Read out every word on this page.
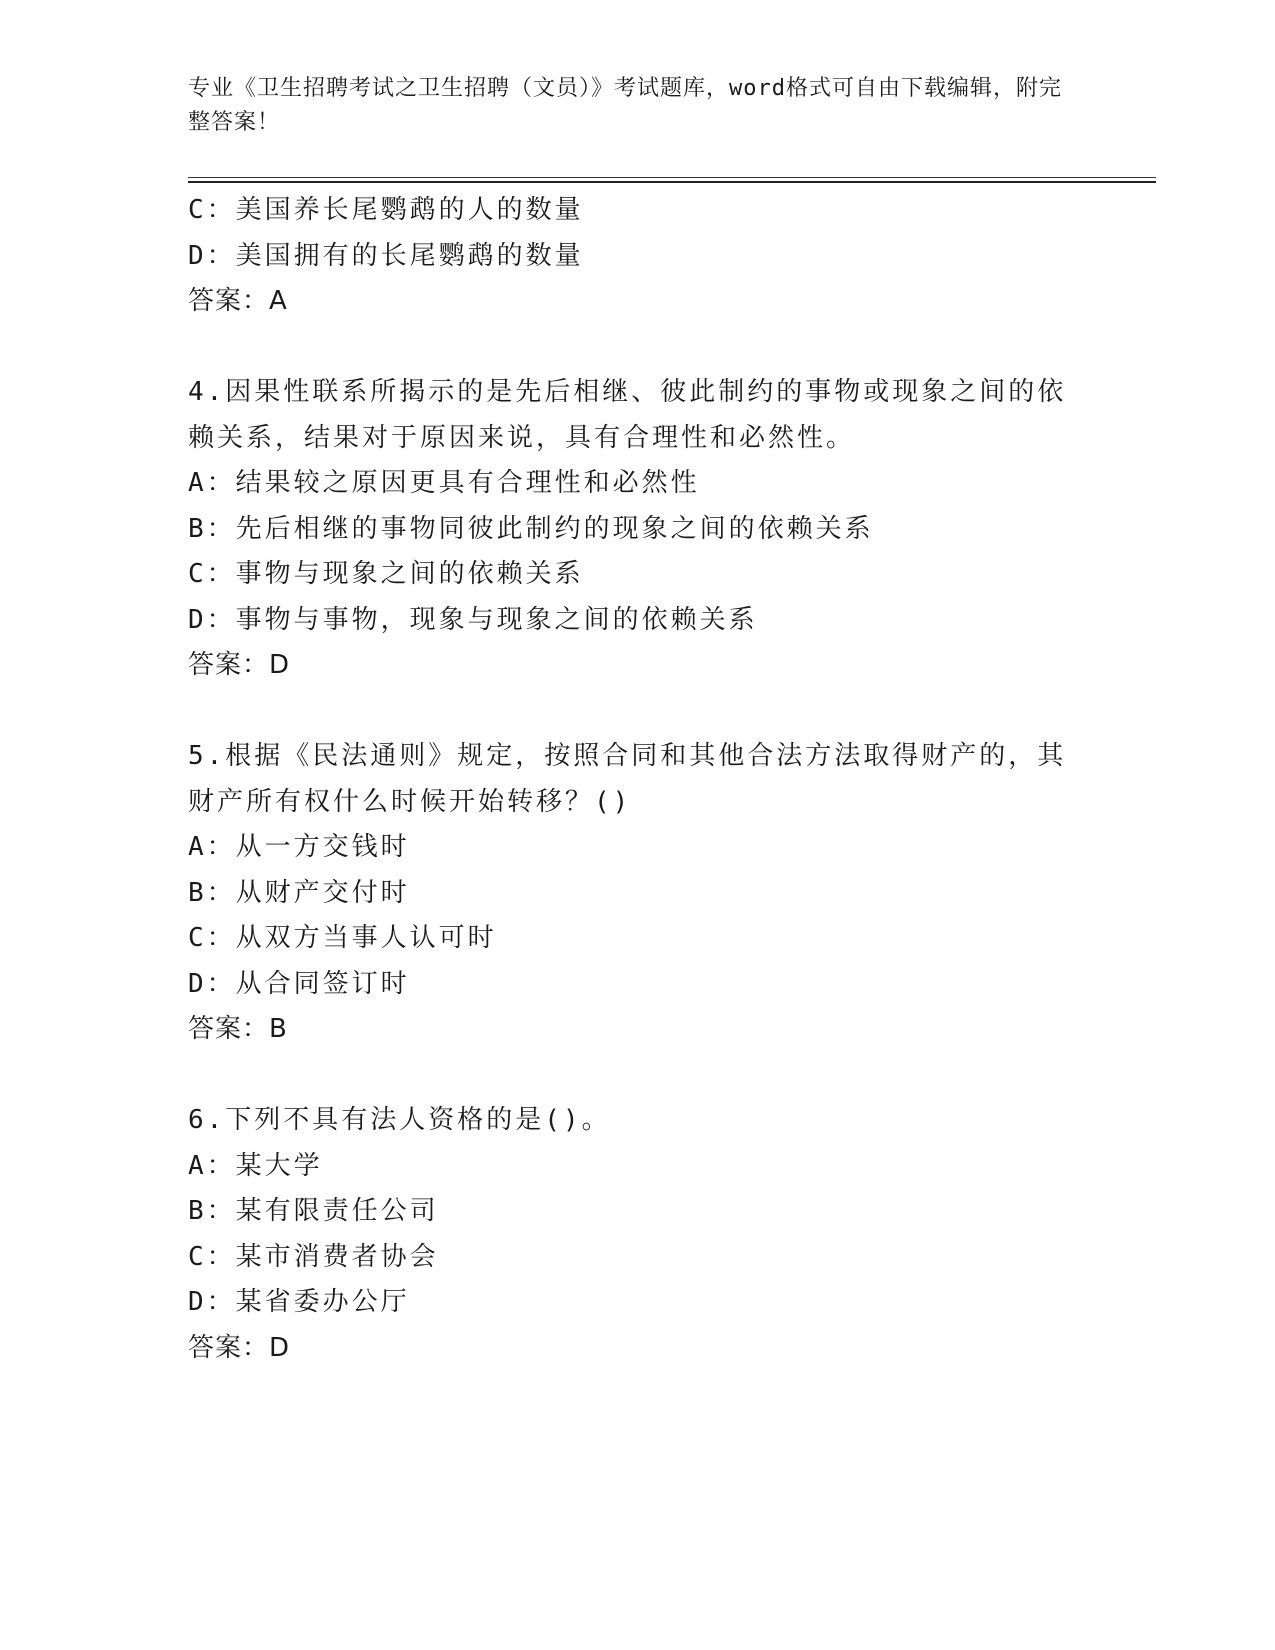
专业《卫生招聘考试之卫生招聘（文员）》考试题库，word格式可自由下载编辑，附完整答案！
C：美国养长尾鹦鹉的人的数量
D：美国拥有的长尾鹦鹉的数量
答案：A
4.因果性联系所揭示的是先后相继、彼此制约的事物或现象之间的依
赖关系，结果对于原因来说，具有合理性和必然性。
A：结果较之原因更具有合理性和必然性
B：先后相继的事物同彼此制约的现象之间的依赖关系
C：事物与现象之间的依赖关系
D：事物与事物，现象与现象之间的依赖关系
答案：D
5.根据《民法通则》规定，按照合同和其他合法方法取得财产的，其
财产所有权什么时候开始转移？()
A：从一方交钱时
B：从财产交付时
C：从双方当事人认可时
D：从合同签订时
答案：B
6.下列不具有法人资格的是()。
A：某大学
B：某有限责任公司
C：某市消费者协会
D：某省委办公厅
答案：D
